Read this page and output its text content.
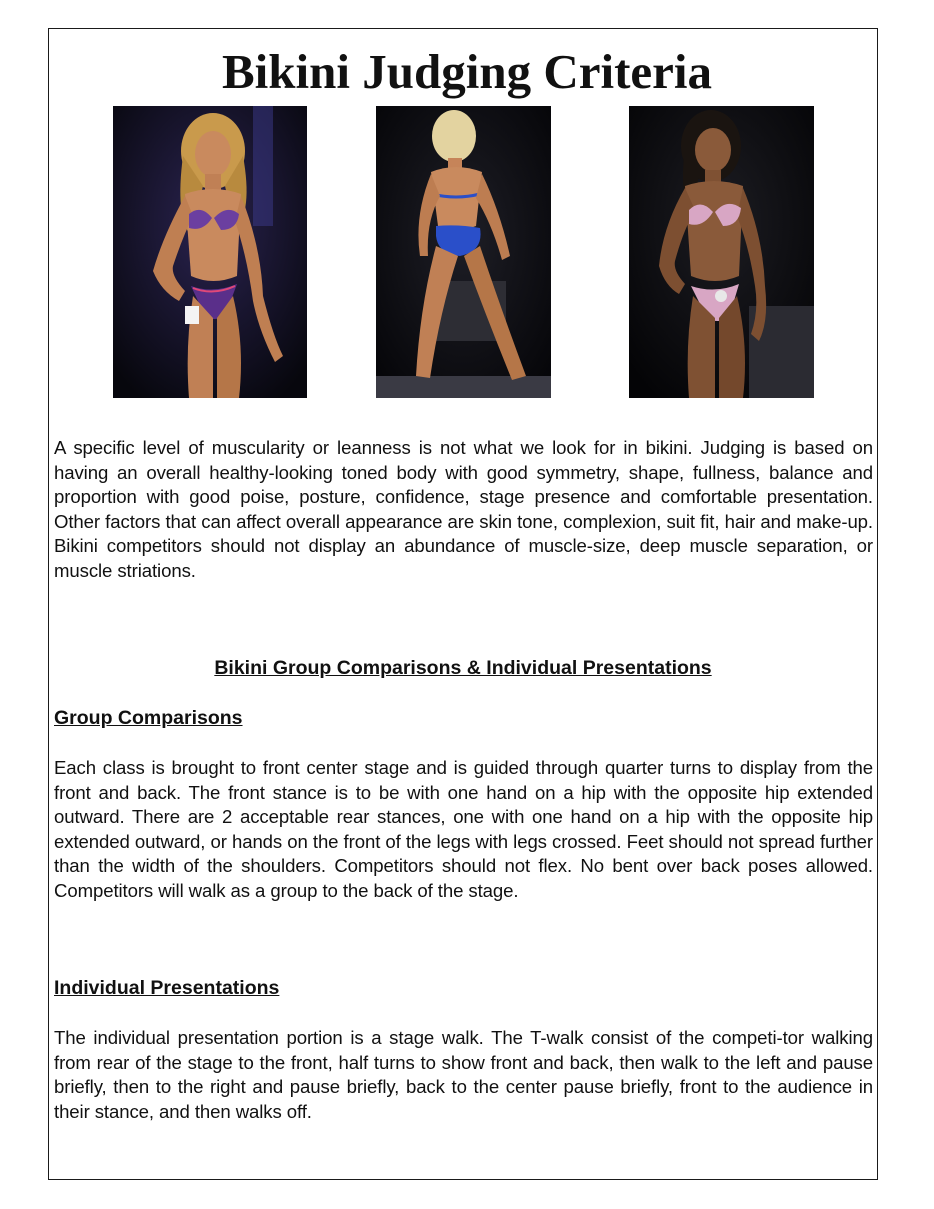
Bikini Judging Criteria

A specific level of muscularity or leanness is not what we look for in bikini. Judging is based on having an overall healthy-looking toned body with good symmetry, shape, fullness, balance and proportion with good poise, posture, confidence, stage presence and comfortable presentation. Other factors that can affect overall appearance are skin tone, complexion, suit fit, hair and make-up. Bikini competitors should not display an abundance of muscle-size, deep muscle separation, or muscle striations.

Bikini Group Comparisons & Individual Presentations

Group Comparisons

Each class is brought to front center stage and is guided through quarter turns to display from the front and back. The front stance is to be with one hand on a hip with the opposite hip extended outward. There are 2 acceptable rear stances, one with one hand on a hip with the opposite hip extended outward, or hands on the front of the legs with legs crossed. Feet should not spread further than the width of the shoulders. Competitors should not flex. No bent over back poses allowed. Competitors will walk as a group to the back of the stage.

Individual Presentations

The individual presentation portion is a stage walk. The T-walk consist of the competi-tor walking from rear of the stage to the front, half turns to show front and back, then walk to the left and pause briefly, then to the right and pause briefly, back to the center pause briefly, front to the audience in their stance, and then walks off.
